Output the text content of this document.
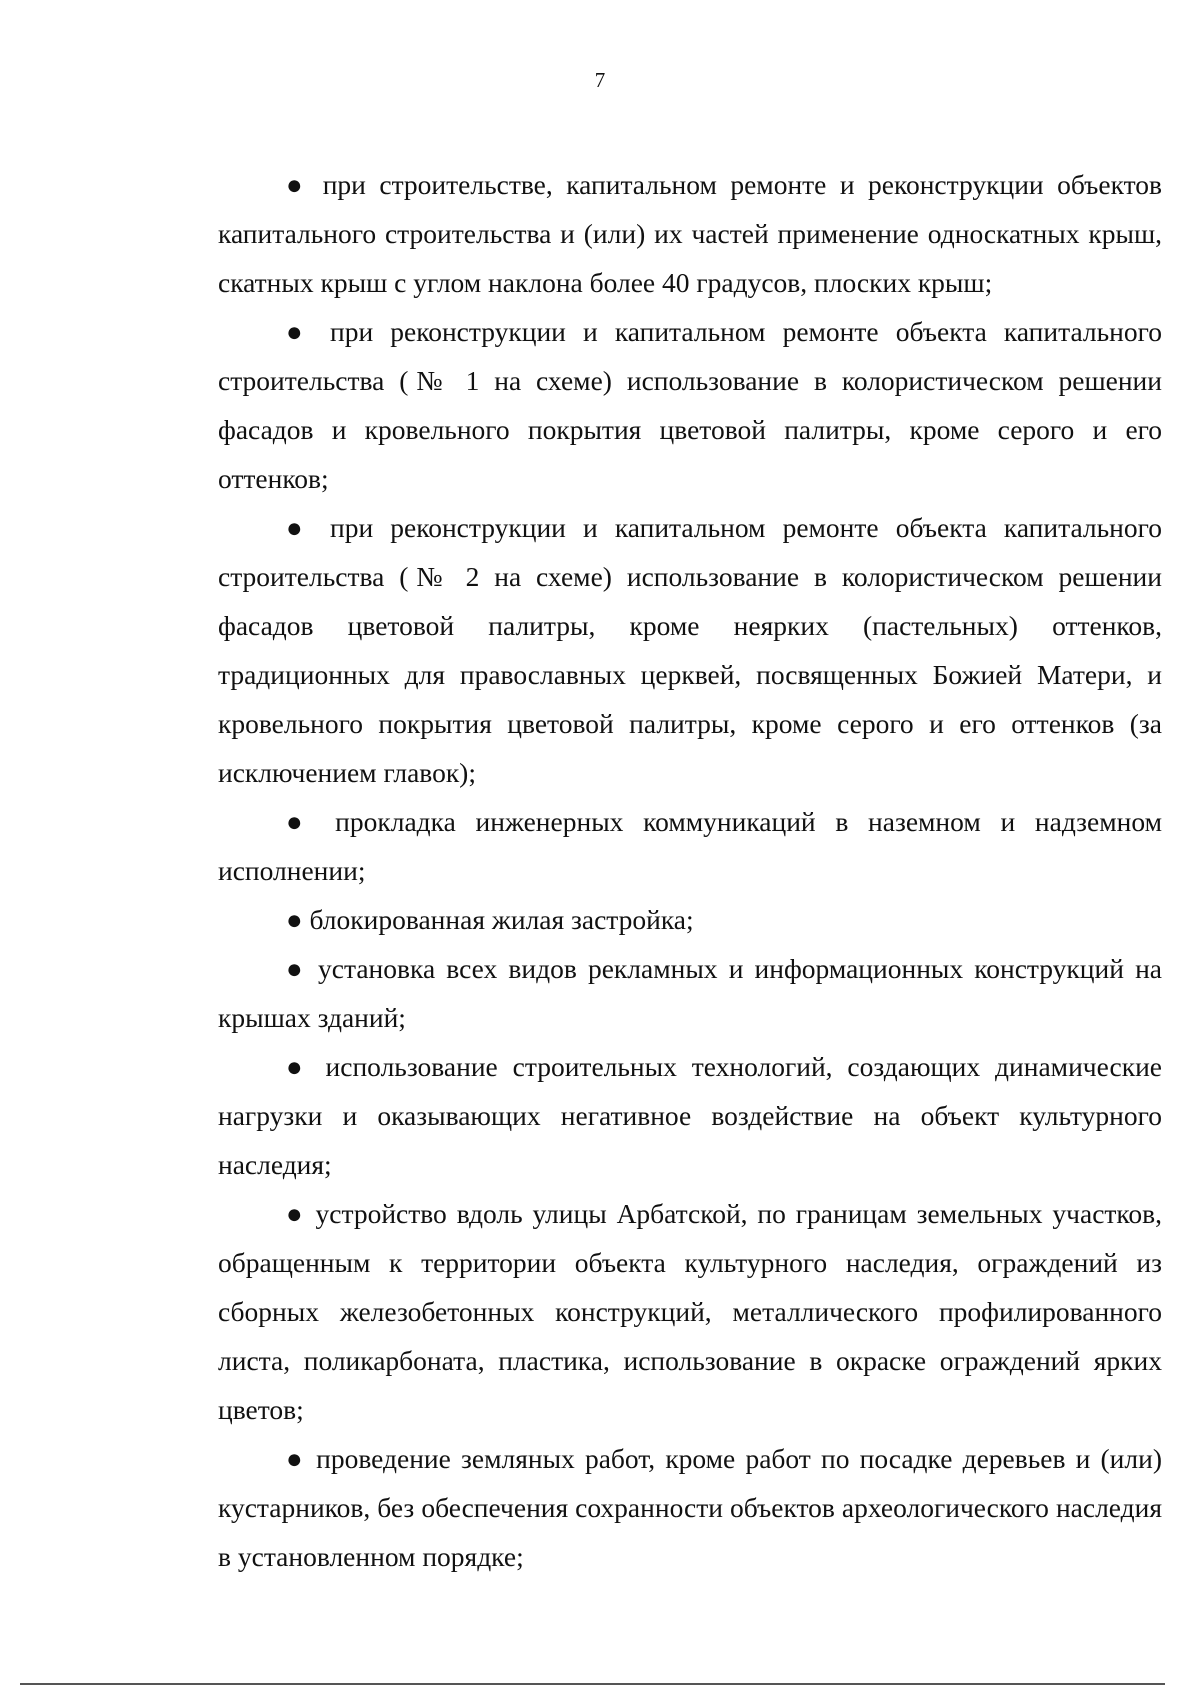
7

● при строительстве, капитальном ремонте и реконструкции объектов капитального строительства и (или) их частей применение односкатных крыш, скатных крыш с углом наклона более 40 градусов, плоских крыш;

● при реконструкции и капитальном ремонте объекта капитального строительства (№ 1 на схеме) использование в колористическом решении фасадов и кровельного покрытия цветовой палитры, кроме серого и его оттенков;

● при реконструкции и капитальном ремонте объекта капитального строительства (№ 2 на схеме) использование в колористическом решении фасадов цветовой палитры, кроме неярких (пастельных) оттенков, традиционных для православных церквей, посвященных Божией Матери, и кровельного покрытия цветовой палитры, кроме серого и его оттенков (за исключением главок);

● прокладка инженерных коммуникаций в наземном и надземном исполнении;

● блокированная жилая застройка;

● установка всех видов рекламных и информационных конструкций на крышах зданий;

● использование строительных технологий, создающих динамические нагрузки и оказывающих негативное воздействие на объект культурного наследия;

● устройство вдоль улицы Арбатской, по границам земельных участков, обращенным к территории объекта культурного наследия, ограждений из сборных железобетонных конструкций, металлического профилированного листа, поликарбоната, пластика, использование в окраске ограждений ярких цветов;

● проведение земляных работ, кроме работ по посадке деревьев и (или) кустарников, без обеспечения сохранности объектов археологического наследия в установленном порядке;
